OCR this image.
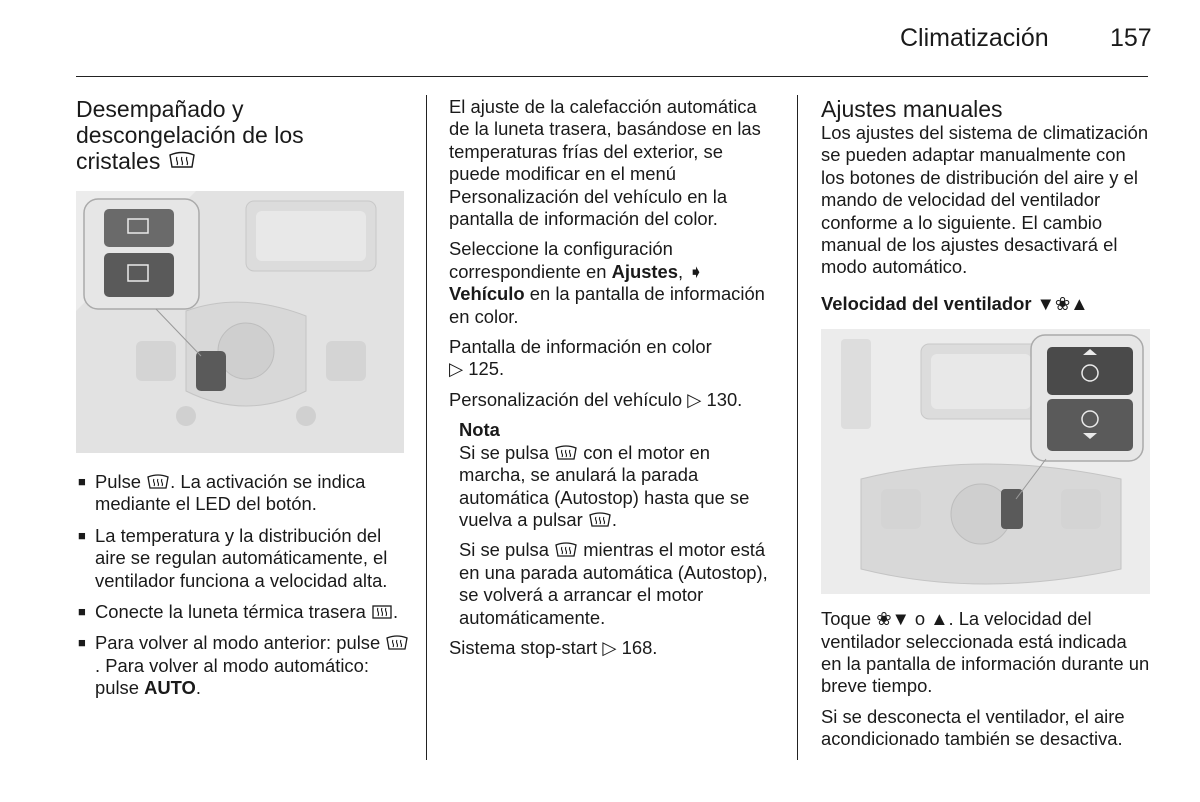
Climatización 157
Desempañado y
descongelación de los
cristales
■ Pulse . La activación se indica mediante el LED del botón.
■ La temperatura y la distribución del aire se regulan automáticamente, el ventilador funciona a velocidad alta.
■ Conecte la luneta térmica trasera .
■ Para volver al modo anterior: pulse . Para volver al modo automático: pulse AUTO.

El ajuste de la calefacción automática de la luneta trasera, basándose en las temperaturas frías del exterior, se puede modificar en el menú Personalización del vehículo en la pantalla de información del color.

Seleccione la configuración correspondiente en Ajustes, ➧ Vehículo en la pantalla de información en color.

Pantalla de información en color
▷ 125.

Personalización del vehículo ▷ 130.

Nota

Si se pulsa con el motor en marcha, se anulará la parada automática (Autostop) hasta que se vuelva a pulsar .

Si se pulsa mientras el motor está en una parada automática (Autostop), se volverá a arrancar el motor automáticamente.

Sistema stop-start ▷ 168.

Ajustes manuales

Los ajustes del sistema de climatización se pueden adaptar manualmente con los botones de distribución del aire y el mando de velocidad del ventilador conforme a lo siguiente. El cambio manual de los ajustes desactivará el modo automático.

Velocidad del ventilador ▼❀▲

Toque ❀▼ o ▲. La velocidad del ventilador seleccionada está indicada en la pantalla de información durante un breve tiempo.

Si se desconecta el ventilador, el aire acondicionado también se desactiva.
